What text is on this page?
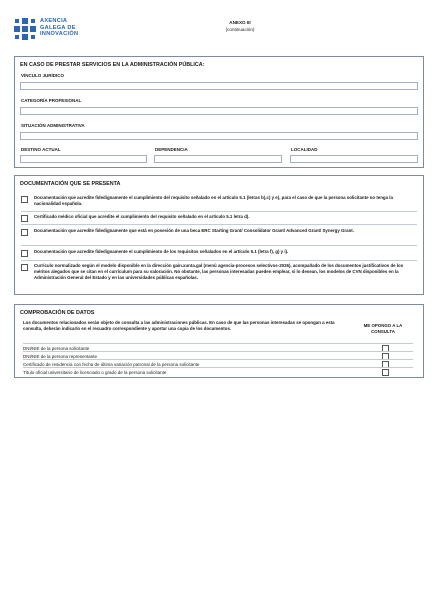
AXENCIA
GALEGA DE
INNOVACIÓN
ANEXO III
(continuación)
EN CASO DE PRESTAR SERVICIOS EN LA ADMINISTRACIÓN PÚBLICA:
VÍNCULO JURÍDICO
CATEGORÍA PROFESIONAL
SITUACIÓN ADMINISTRATIVA
DESTINO ACTUAL	DEPENDENCIA	LOCALIDAD
DOCUMENTACIÓN QUE SE PRESENTA
Documentación que acredite fidedignamente el cumplimiento del requisito señalado en el artículo 5.1 (letras b),c) y e), para el caso de que la persona solicitante no tenga la nacionalidad española.
Certificado médico oficial que acredite el cumplimiento del requisito señalado en el artículo 5.1 letra d).
Documentación que acredite fidedignamente que está en posesión de una beca ERC Starting Grant/ Consolidator Grant/ Advanced Grant/ Synergy Grant.
Documentación que acredite fidedignamente el cumplimiento de los requisitos señalados en el artículo 5.1 (letra f), g) y i).
Currículo normalizado según el modelo disponible en la dirección gain.xunta.gal (menú agencia-procesos selectivos-2026), acompañado de los documentos justificativos de los méritos alegados que se citan en el currículum para su valoración. No obstante, las personas interesadas pueden emplear, si lo desean, los modelos de CVN disponibles en la Administración General del Estado y en las universidades públicas españolas.
COMPROBACIÓN DE DATOS
Los documentos relacionados serán objeto de consulta a las administraciones públicas. En caso de que las personas interesadas se opongan a esta consulta, deberán indicarlo en el recuadro correspondiente y aportar una copia de los documentos.
ME OPONGO A LA CONSULTA
DNI/NIE de la persona solicitante
DNI/NIE de la persona representante
Certificado de residencia con fecha de última variación patronal de la persona solicitante
Título oficial universitario de licenciado o grado de la persona solicitante
